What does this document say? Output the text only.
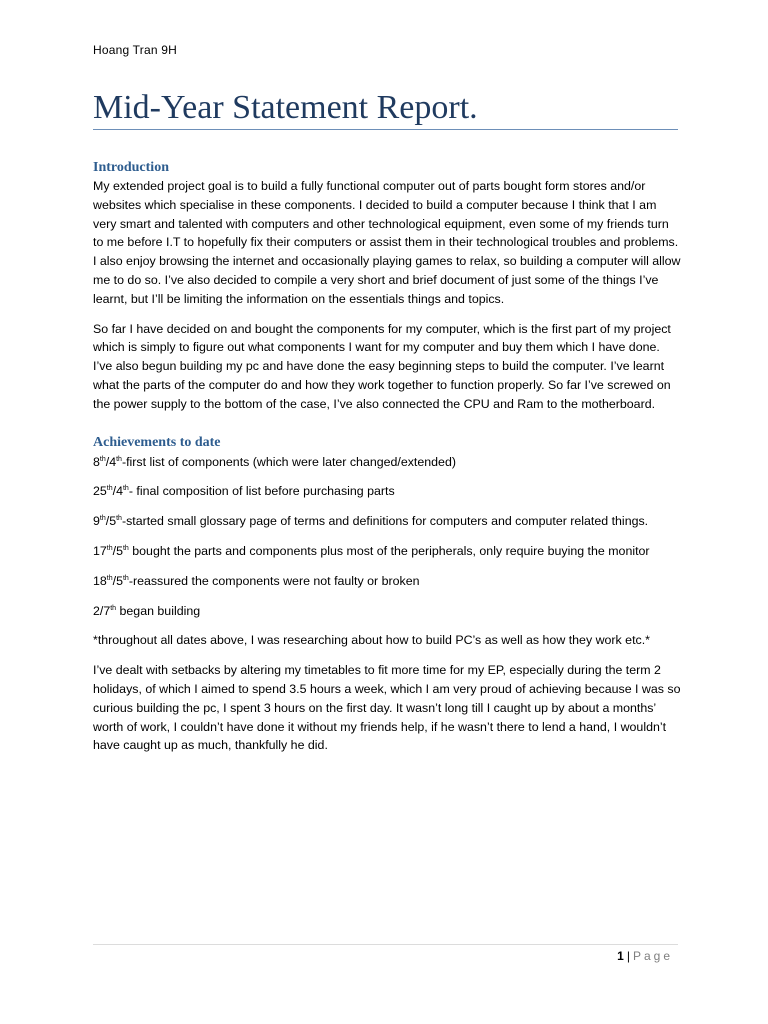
Hoang Tran 9H
Mid-Year Statement Report.
Introduction

My extended project goal is to build a fully functional computer out of parts bought form stores and/or websites which specialise in these components. I decided to build a computer because I think that I am very smart and talented with computers and other technological equipment, even some of my friends turn to me before I.T to hopefully fix their computers or assist them in their technological troubles and problems. I also enjoy browsing the internet and occasionally playing games to relax, so building a computer will allow me to do so. I’ve also decided to compile a very short and brief document of just some of the things I’ve learnt, but I’ll be limiting the information on the essentials things and topics.

So far I have decided on and bought the components for my computer, which is the first part of my project which is simply to figure out what components I want for my computer and buy them which I have done. I’ve also begun building my pc and have done the easy beginning steps to build the computer. I’ve learnt what the parts of the computer do and how they work together to function properly. So far I’ve screwed on the power supply to the bottom of the case, I’ve also connected the CPU and Ram to the motherboard.

Achievements to date

8th/4th-first list of components (which were later changed/extended)

25th/4th- final composition of list before purchasing parts

9th/5th-started small glossary page of terms and definitions for computers and computer related things.

17th/5th bought the parts and components plus most of the peripherals, only require buying the monitor

18th/5th-reassured the components were not faulty or broken

2/7th began building

*throughout all dates above, I was researching about how to build PC’s as well as how they work etc.*

I’ve dealt with setbacks by altering my timetables to fit more time for my EP, especially during the term 2 holidays, of which I aimed to spend 3.5 hours a week, which I am very proud of achieving because I was so curious building the pc, I spent 3 hours on the first day. It wasn’t long till I caught up by about a months’ worth of work, I couldn’t have done it without my friends help, if he wasn’t there to lend a hand, I wouldn’t have caught up as much, thankfully he did.

1 | Page
